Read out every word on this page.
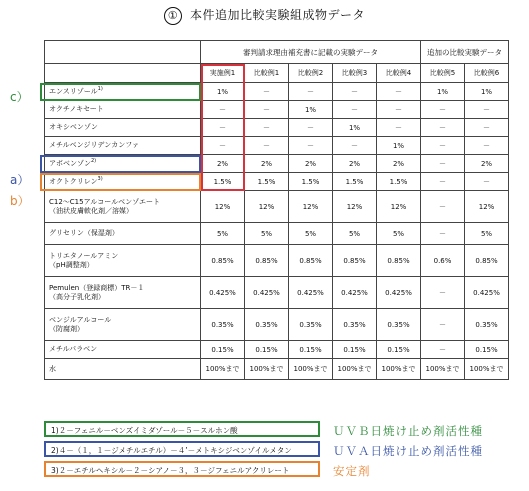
① 本件追加比較実験組成物データ
	審判請求理由補充書に記載の実験データ					追加の比較実験データ	
	実施例1	比較例1	比較例2	比較例3	比較例4	比較例5	比較例6
エンスリゾール$^{1)}$	1%	－	－	－	－	1%	1%
オクチノキセート	－	－	1%	－	－	－	－
オキシベンゾン	－	－	－	1%	－	－	－
メチルベンジリデンカンファ	－	－	－	－	1%	－	－
アボベンゾン$^{2)}$	2%	2%	2%	2%	2%	－	2%
オクトクリレン$^{3)}$	1.5%	1.5%	1.5%	1.5%	1.5%	－	－
C12～C15アルコールベンゾエート
（油状皮膚軟化剤／溶媒）	12%	12%	12%	12%	12%	－	12%
グリセリン（保湿剤）	5%	5%	5%	5%	5%	－	5%
トリエタノールアミン
（pH調整剤）	0.85%	0.85%	0.85%	0.85%	0.85%	0.6%	0.85%
Pemulen（登録商標）TR－１
（高分子乳化剤）	0.425%	0.425%	0.425%	0.425%	0.425%	－	0.425%
ベンジルアルコール
（防腐剤）	0.35%	0.35%	0.35%	0.35%	0.35%	－	0.35%
メチルパラベン	0.15%	0.15%	0.15%	0.15%	0.15%	－	0.15%
水	100%まで	100%まで	100%まで	100%まで	100%まで	100%まで	100%まで
c）
a）
b）
1)２－フェニル－ベンズイミダゾール－５－スルホン酸
2)４－（１，１－ジメチルエチル）－４’－メトキシジベンゾイルメタン
3)２－エチルヘキシル－２－シアノ－３，３－ジフェニルアクリレート
ＵＶＢ日焼け止め剤活性種
ＵＶＡ日焼け止め剤活性種
安定剤
